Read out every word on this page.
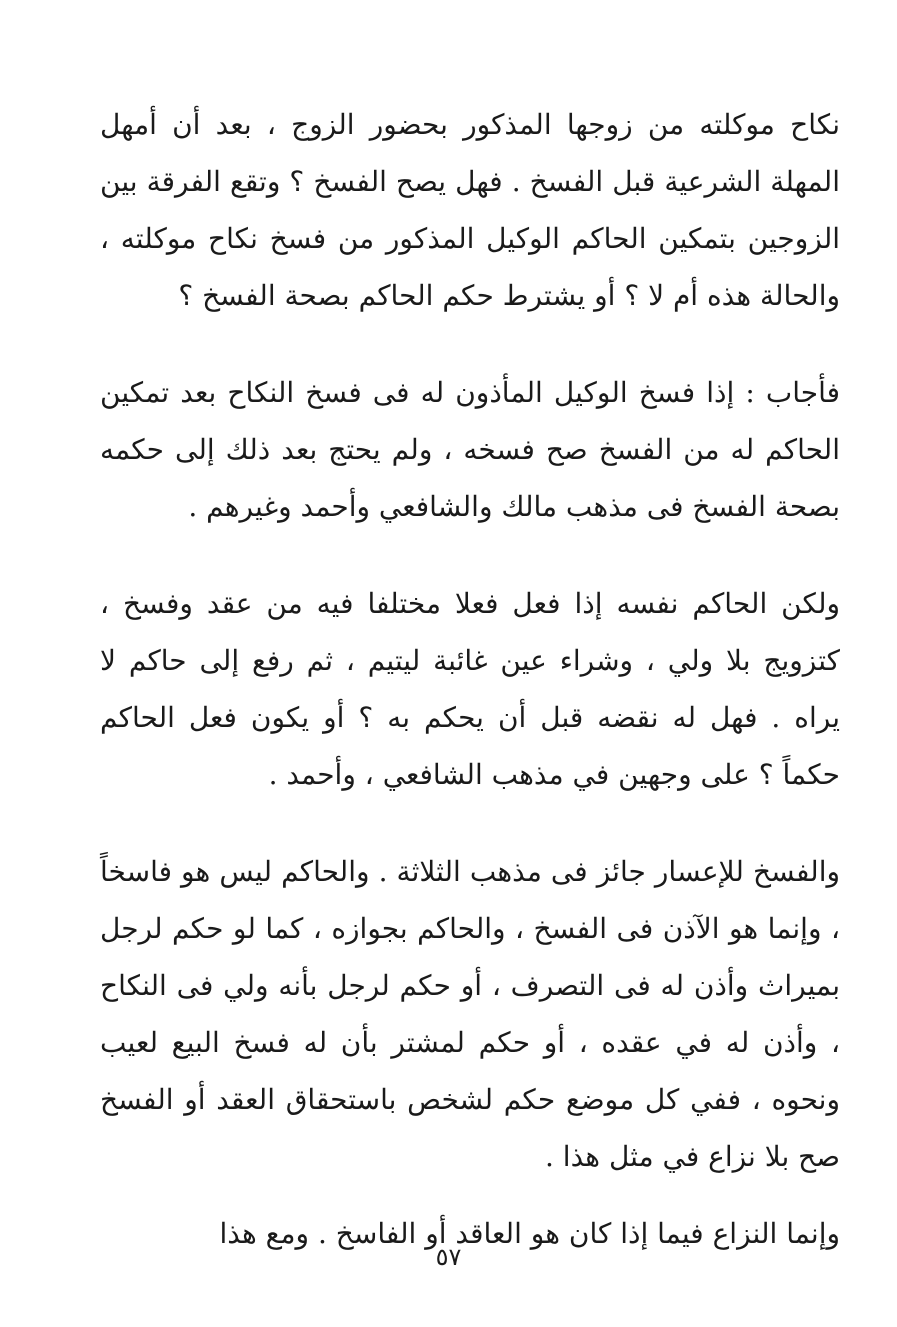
نكاح موكلته من زوجها المذكور بحضور الزوج ، بعد أن أمهل المهلة الشرعية قبل الفسخ . فهل يصح الفسخ ؟ وتقع الفرقة بين الزوجين بتمكين الحاكم الوكيل المذكور من فسخ نكاح موكلته ، والحالة هذه أم لا ؟ أو يشترط حكم الحاكم بصحة الفسخ ؟

فأجاب : إذا فسخ الوكيل المأذون له فى فسخ النكاح بعد تمكين الحاكم له من الفسخ صح فسخه ، ولم يحتج بعد ذلك إلى حكمه بصحة الفسخ فى مذهب مالك والشافعي وأحمد وغيرهم .

ولكن الحاكم نفسه إذا فعل فعلا مختلفا فيه من عقد وفسخ ، كتزويج بلا ولي ، وشراء عين غائبة ليتيم ، ثم رفع إلى حاكم لا يراه . فهل له نقضه قبل أن يحكم به ؟ أو يكون فعل الحاكم حكماً ؟ على وجهين في مذهب الشافعي ، وأحمد .

والفسخ للإعسار جائز فى مذهب الثلاثة . والحاكم ليس هو فاسخاً ، وإنما هو الآذن فى الفسخ ، والحاكم بجوازه ، كما لو حكم لرجل بميراث وأذن له فى التصرف ، أو حكم لرجل بأنه ولي فى النكاح ، وأذن له في عقده ، أو حكم لمشتر بأن له فسخ البيع لعيب ونحوه ، ففي كل موضع حكم لشخص باستحقاق العقد أو الفسخ صح بلا نزاع في مثل هذا .

وإنما النزاع فيما إذا كان هو العاقد أو الفاسخ . ومع هذا

٥٧
